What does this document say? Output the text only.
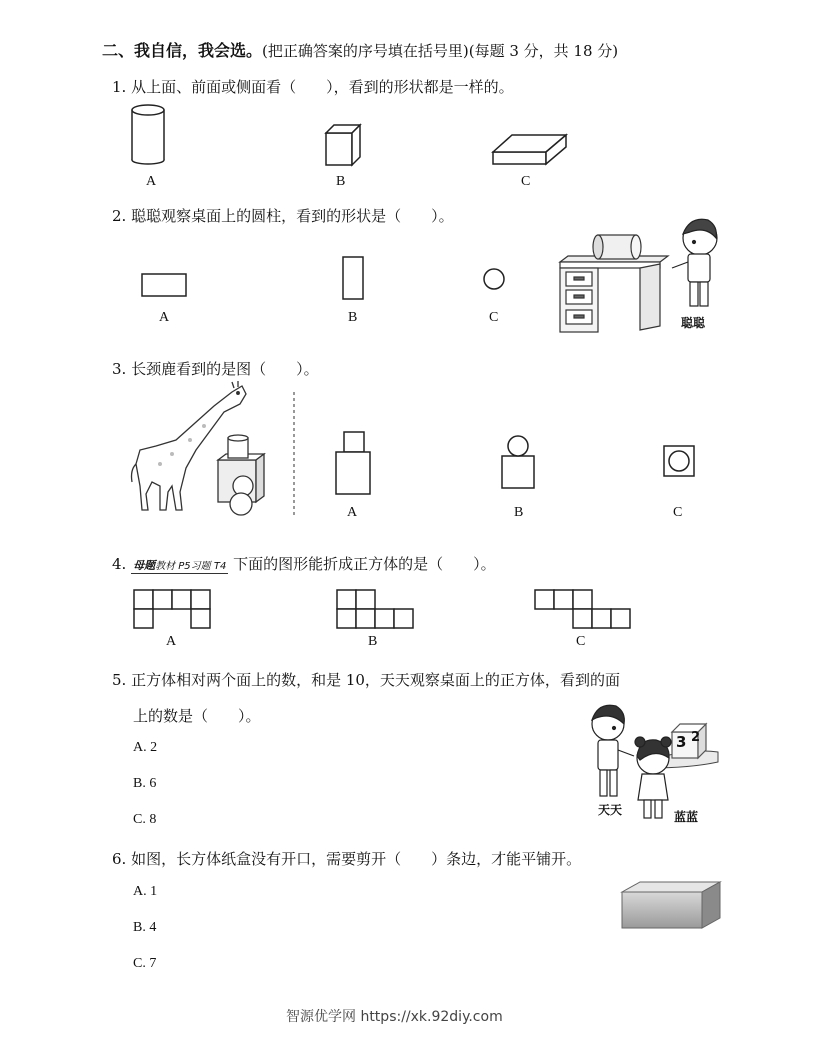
二、我自信，我会选。(把正确答案的序号填在括号里)(每题 3 分，共 18 分)
1. 从上面、前面或侧面看（　　），看到的形状都是一样的。
A	B	C
2. 聪聪观察桌面上的圆柱，看到的形状是（　　）。
A	B	C	聪聪
3. 长颈鹿看到的是图（　　）。
A	B	C
4. 母题教材 P5习题 T4 下面的图形能折成正方体的是（　　）。
A	B	C
5. 正方体相对两个面上的数，和是 10，天天观察桌面上的正方体，看到的面
上的数是（　　）。
A. 2
B. 6
C. 8
3 2
天天	蓝蓝
6. 如图，长方体纸盒没有开口，需要剪开（　　）条边，才能平铺开。
A. 1
B. 4
C. 7
智源优学网 https://xk.92diy.com
